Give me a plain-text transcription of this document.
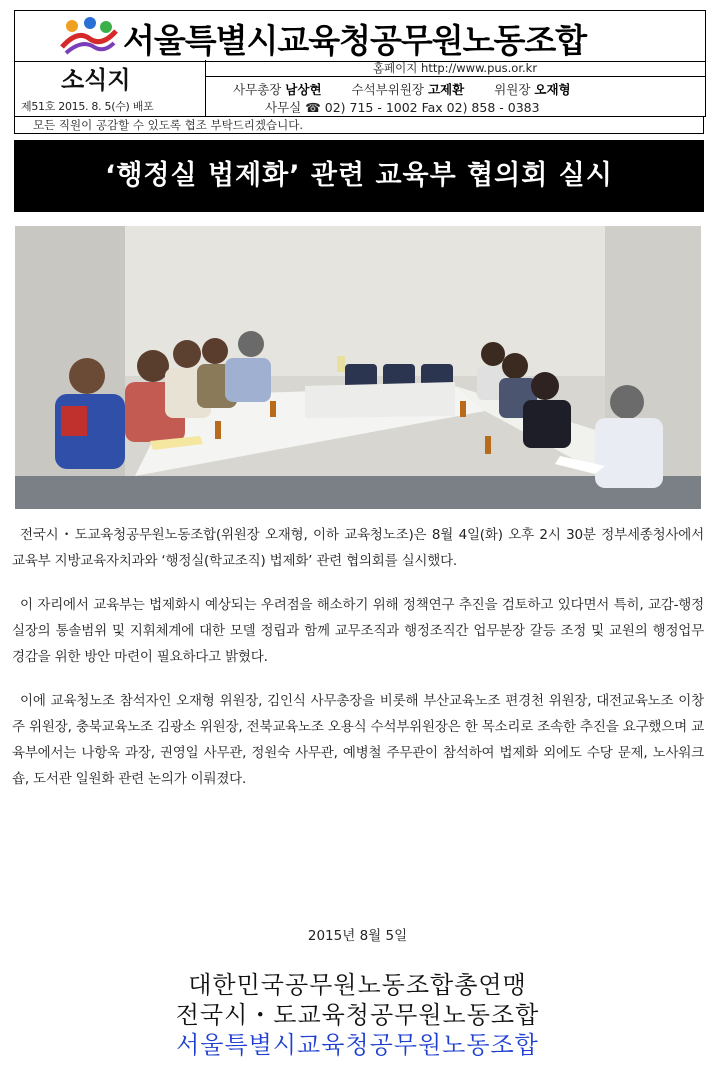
서울특별시교육청공무원노동조합
소식지
제51호 2015. 8. 5(수) 배포
홈페이지 http://www.pus.or.kr
사무총장 남상현 수석부위원장 고제환 위원장 오재형
사무실 ☎ 02) 715 - 1002 Fax 02) 858 - 0383
모든 직원이 공감할 수 있도록 협조 부탁드리겠습니다.
‘행정실 법제화’ 관련 교육부 협의회 실시

전국시・도교육청공무원노동조합(위원장 오재형, 이하 교육청노조)은 8월 4일(화) 오후 2시 30분 정부세종청사에서 교육부 지방교육자치과와 ‘행정실(학교조직) 법제화’ 관련 협의회를 실시했다.

이 자리에서 교육부는 법제화시 예상되는 우려점을 해소하기 위해 정책연구 추진을 검토하고 있다면서 특히, 교감-행정실장의 통솔범위 및 지휘체계에 대한 모델 정립과 함께 교무조직과 행정조직간 업무분장 갈등 조정 및 교원의 행정업무 경감을 위한 방안 마련이 필요하다고 밝혔다.

이에 교육청노조 참석자인 오재형 위원장, 김인식 사무총장을 비롯해 부산교육노조 편경천 위원장, 대전교육노조 이창주 위원장, 충북교육노조 김광소 위원장, 전북교육노조 오용식 수석부위원장은 한 목소리로 조속한 추진을 요구했으며 교육부에서는 나항욱 과장, 권영일 사무관, 정원숙 사무관, 예병철 주무관이 참석하여 법제화 외에도 수당 문제, 노사워크숍, 도서관 일원화 관련 논의가 이뤄졌다.

2015년 8월 5일
대한민국공무원노동조합총연맹
전국시・도교육청공무원노동조합
서울특별시교육청공무원노동조합
